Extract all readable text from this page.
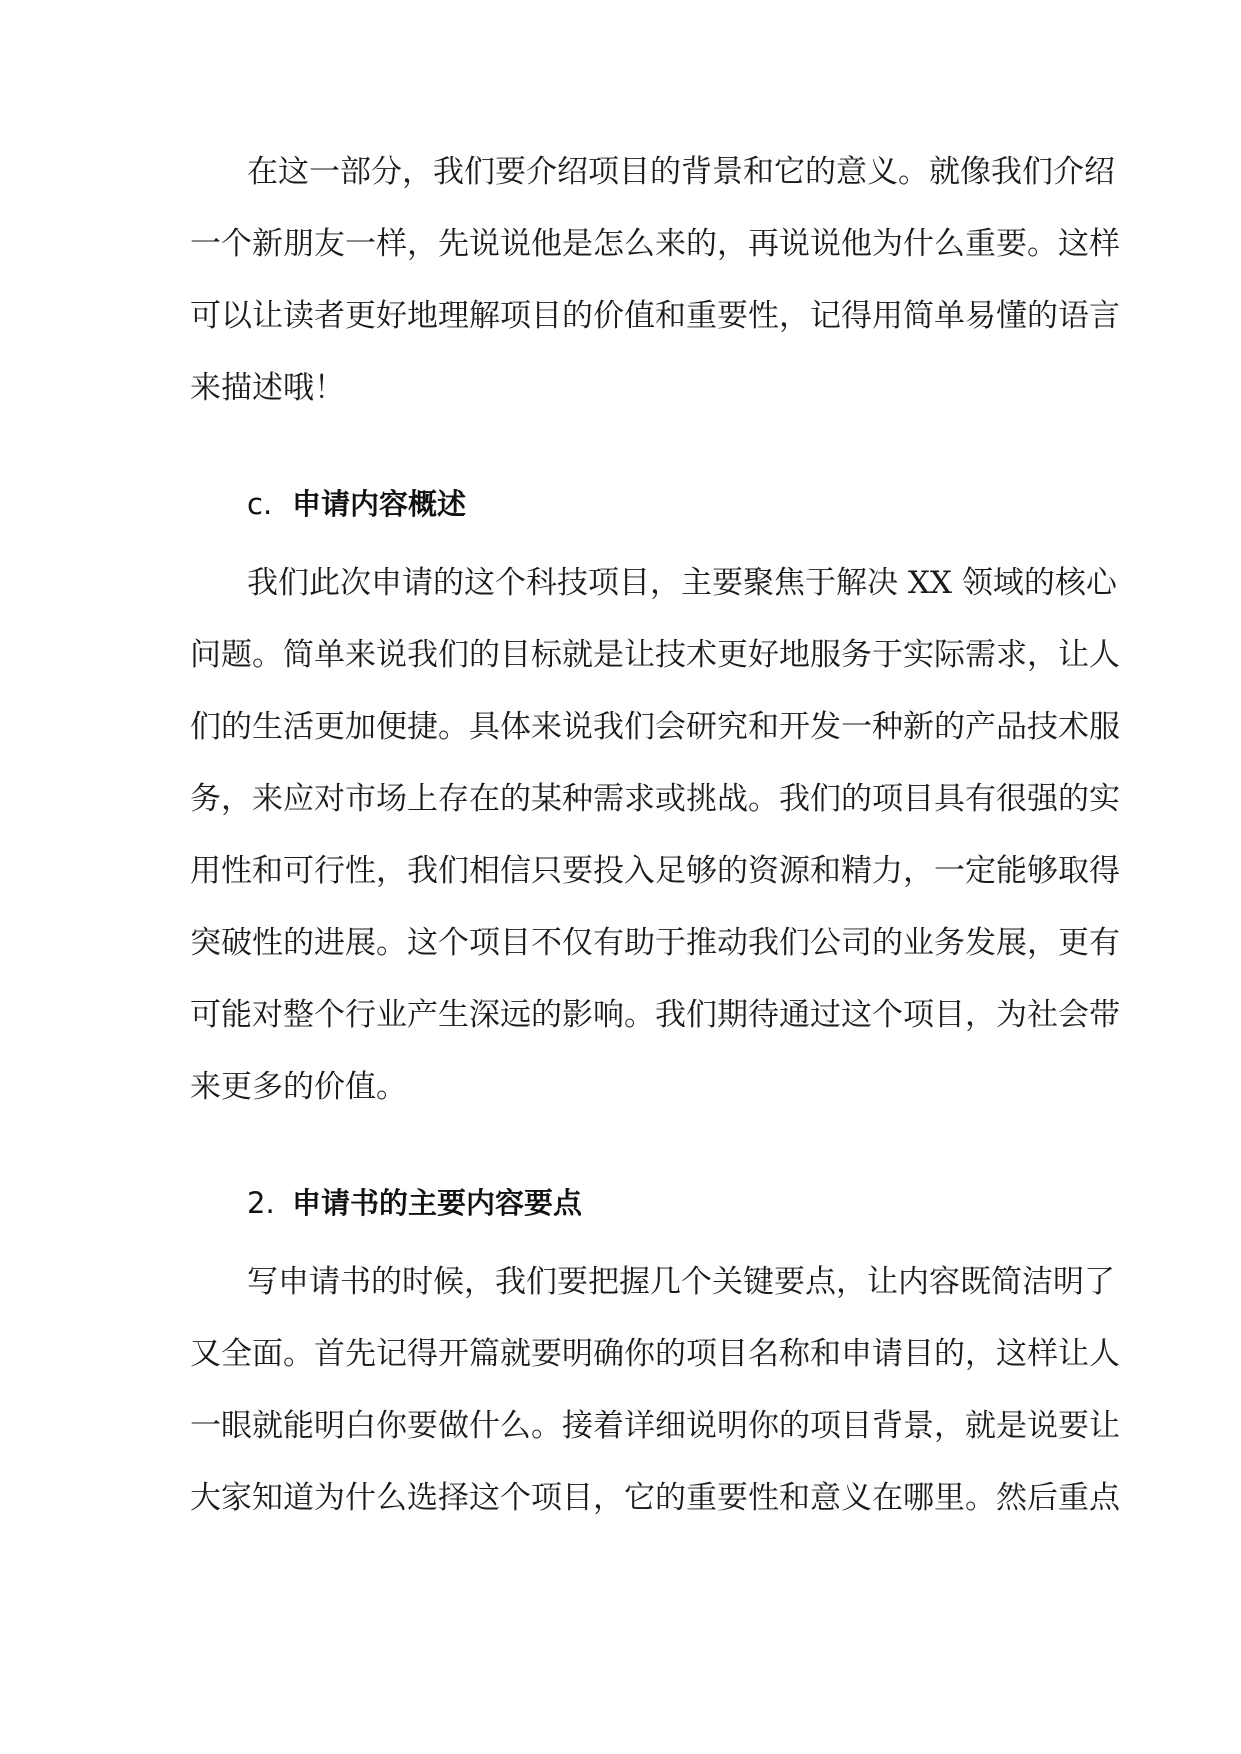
在这一部分，我们要介绍项目的背景和它的意义。就像我们介绍
一个新朋友一样，先说说他是怎么来的，再说说他为什么重要。这样
可以让读者更好地理解项目的价值和重要性，记得用简单易懂的语言
来描述哦！
c. 申请内容概述
我们此次申请的这个科技项目，主要聚焦于解决 XX 领域的核心
问题。简单来说我们的目标就是让技术更好地服务于实际需求，让人
们的生活更加便捷。具体来说我们会研究和开发一种新的产品技术服
务，来应对市场上存在的某种需求或挑战。我们的项目具有很强的实
用性和可行性，我们相信只要投入足够的资源和精力，一定能够取得
突破性的进展。这个项目不仅有助于推动我们公司的业务发展，更有
可能对整个行业产生深远的影响。我们期待通过这个项目，为社会带
来更多的价值。
2. 申请书的主要内容要点
写申请书的时候，我们要把握几个关键要点，让内容既简洁明了
又全面。首先记得开篇就要明确你的项目名称和申请目的，这样让人
一眼就能明白你要做什么。接着详细说明你的项目背景，就是说要让
大家知道为什么选择这个项目，它的重要性和意义在哪里。然后重点
